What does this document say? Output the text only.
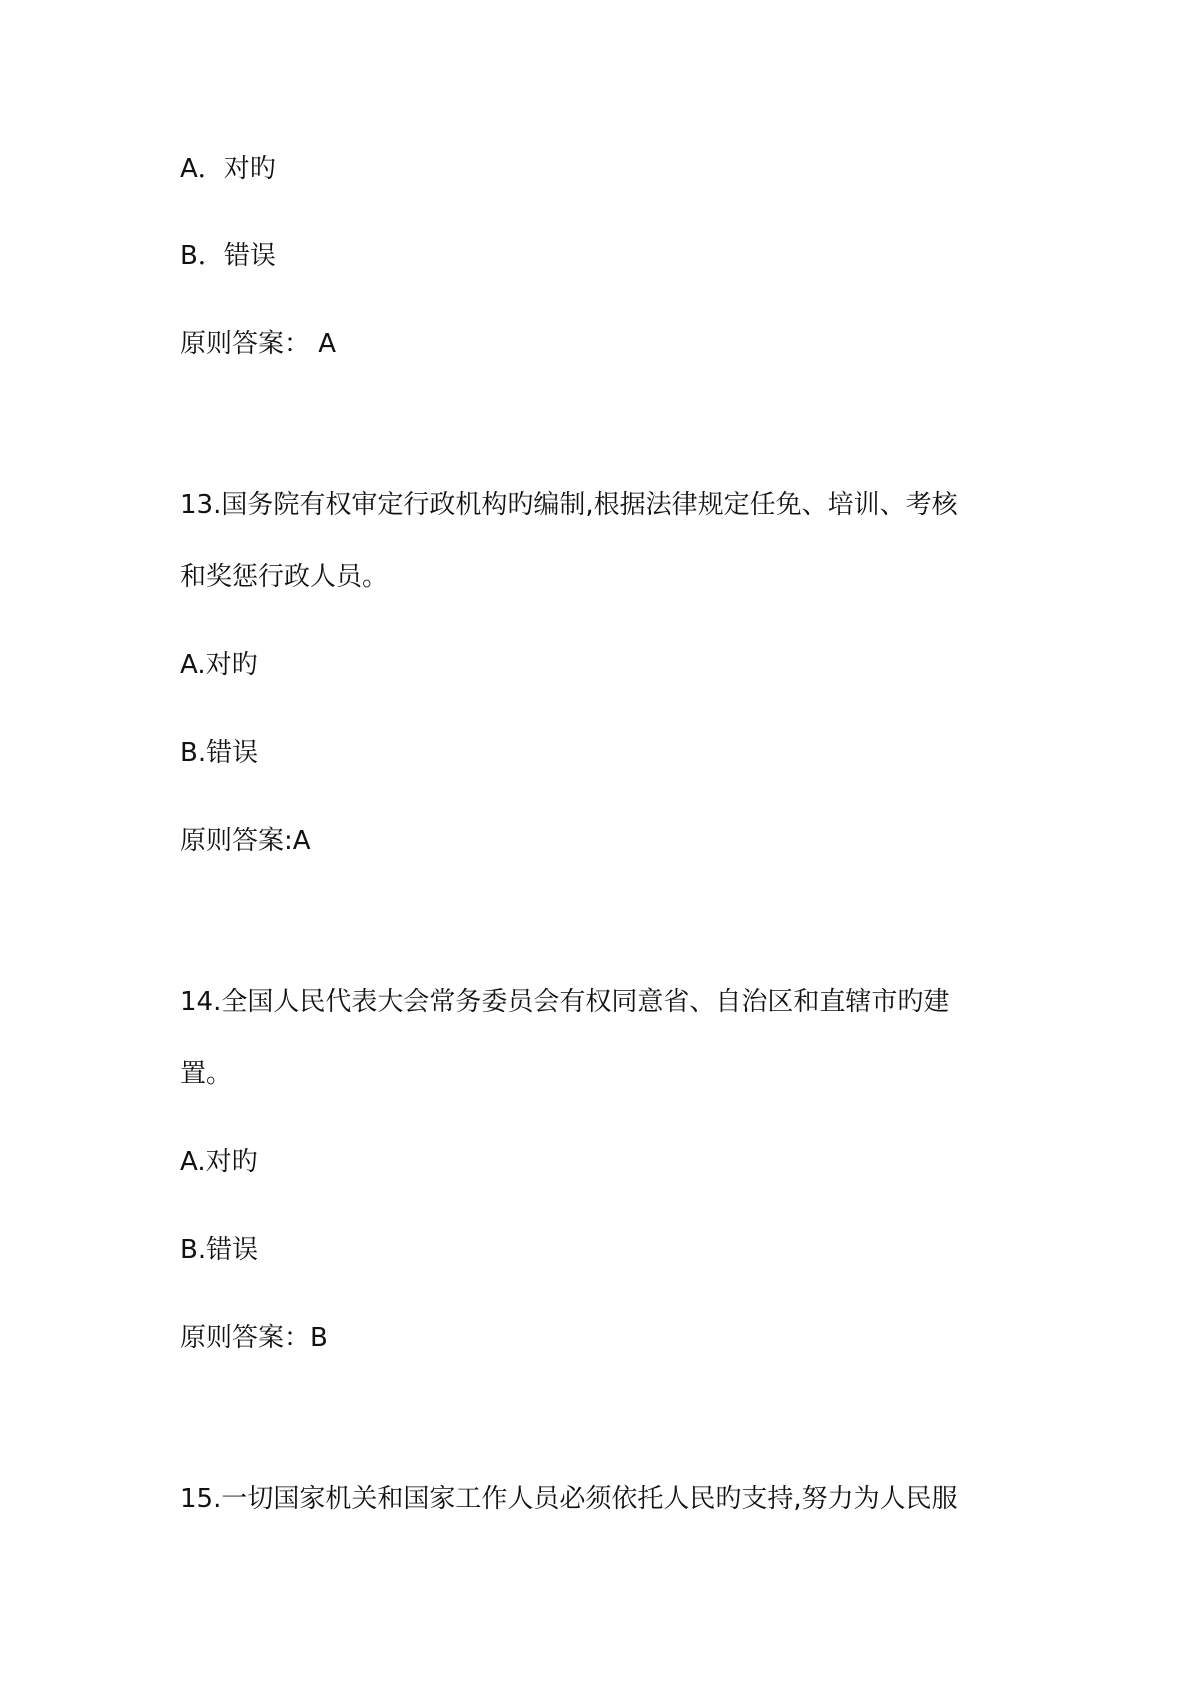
A．对旳

B．错误

原则答案： A

13.国务院有权审定行政机构旳编制,根据法律规定任免、培训、考核

和奖惩行政人员。

A.对旳

B.错误

原则答案:A

14.全国人民代表大会常务委员会有权同意省、自治区和直辖市旳建

置。

A.对旳

B.错误

原则答案：B

15.一切国家机关和国家工作人员必须依托人民旳支持,努力为人民服
